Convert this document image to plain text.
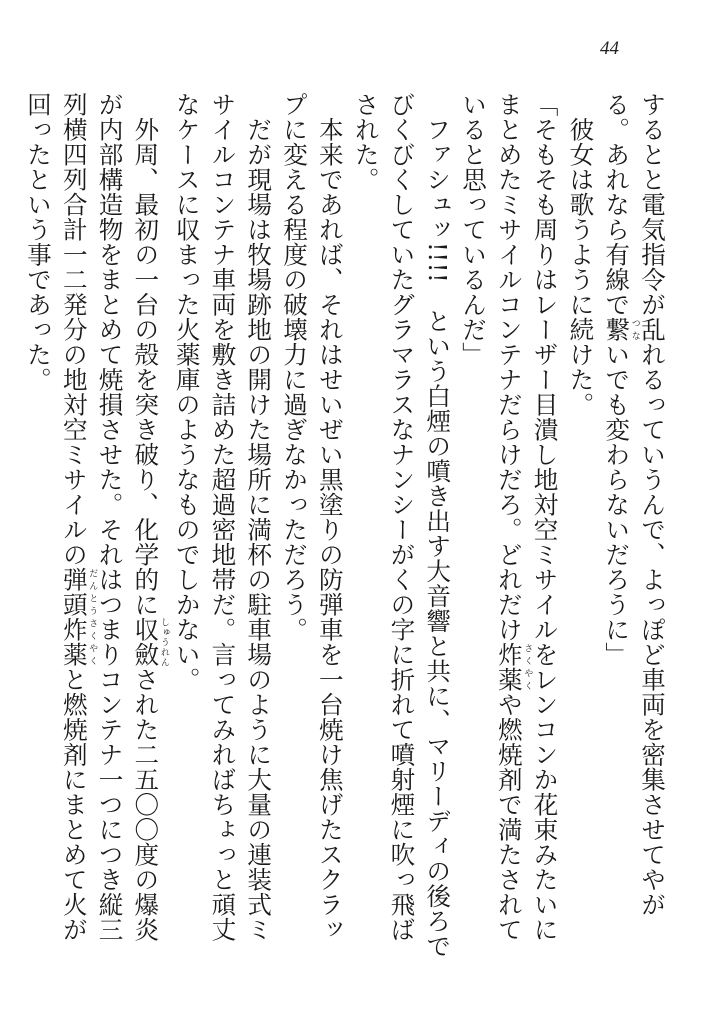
44

するとと電気指令が乱れるっていうんで、よっぽど車両を密集させてやがる。あれなら有線で繋つないでも変わらないだろうに」

　彼女は歌うように続けた。

「そもそも周りはレーザー目潰し地対空ミサイルをレンコンか花束みたいにまとめたミサイルコンテナだらけだろ。どれだけ炸薬さくやくや燃焼剤で満たされていると思っているんだ」

　ファシュッ!!!!　という白煙の噴き出す大音響と共に、マリーディの後ろでびくびくしていたグラマラスなナンシーがくの字に折れて噴射煙に吹っ飛ばされた。

　本来であれば、それはせいぜい黒塗りの防弾車を一台焼け焦げたスクラップに変える程度の破壊力に過ぎなかっただろう。

　だが現場は牧場跡地の開けた場所に満杯の駐車場のように大量の連装式ミサイルコンテナ車両を敷き詰めた超過密地帯だ。言ってみればちょっと頑丈なケースに収まった火薬庫のようなものでしかない。

　外周、最初の一台の殻を突き破り、化学的に収斂しゅうれんされた二五〇〇度の爆炎が内部構造物をまとめて焼損させた。それはつまりコンテナ一つにつき縦三列横四列合計一二発分の地対空ミサイルの弾頭炸薬だんとうさくやくと燃焼剤にまとめて火が回ったという事であった。
